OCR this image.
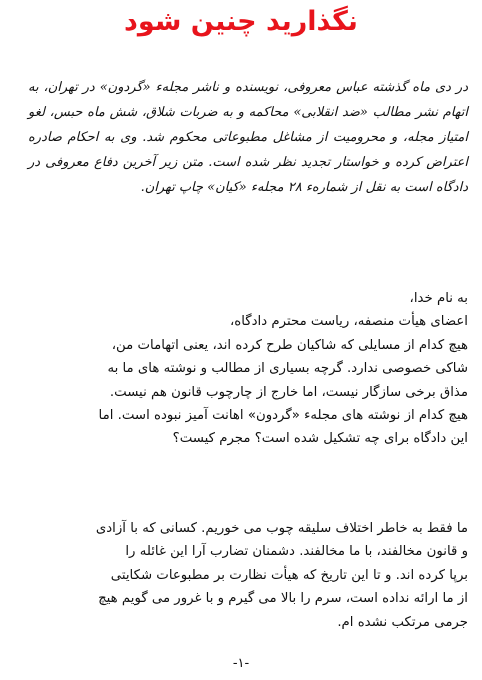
نگذارید چنین شود

در دی ماه گذشته عباس معروفی، نویسنده و ناشر مجلهء «گردون» در تهران، به اتهام نشر مطالب «ضد انقلابی» محاکمه و به ضربات شلاق، شش ماه حبس، لغو امتیاز مجله، و محرومیت از مشاغل مطبوعاتی محکوم شد. وی به احکام صادره اعتراض کرده و خواستار تجدید نظر شده است. متن زیر آخرین دفاع معروفی در دادگاه است به نقل از شمارهء ۲۸ مجلهء «کیان» چاپ تهران.

به نام خدا،
اعضای هیأت منصفه، ریاست محترم دادگاه،
هیچ کدام از مسایلی که شاکیان طرح کرده اند، یعنی اتهامات من،
شاکی خصوصی ندارد. گرچه بسیاری از مطالب و نوشته های ما به
مذاق برخی سازگار نیست، اما خارج از چارچوب قانون هم نیست.
هیچ کدام از نوشته های مجلهء «گردون» اهانت آمیز نبوده است. اما
این دادگاه برای چه تشکیل شده است؟ مجرم کیست؟
ما فقط به خاطر اختلاف سلیقه چوب می خوریم. کسانی که با آزادی
و قانون مخالفند، با ما مخالفند. دشمنان تضارب آرا این غائله را
برپا کرده اند. و تا این تاریخ که هیأت نظارت بر مطبوعات شکایتی
از ما ارائه نداده است، سرم را بالا می گیرم و با غرور می گویم هیچ
جرمی مرتکب نشده ام.
-۱-
